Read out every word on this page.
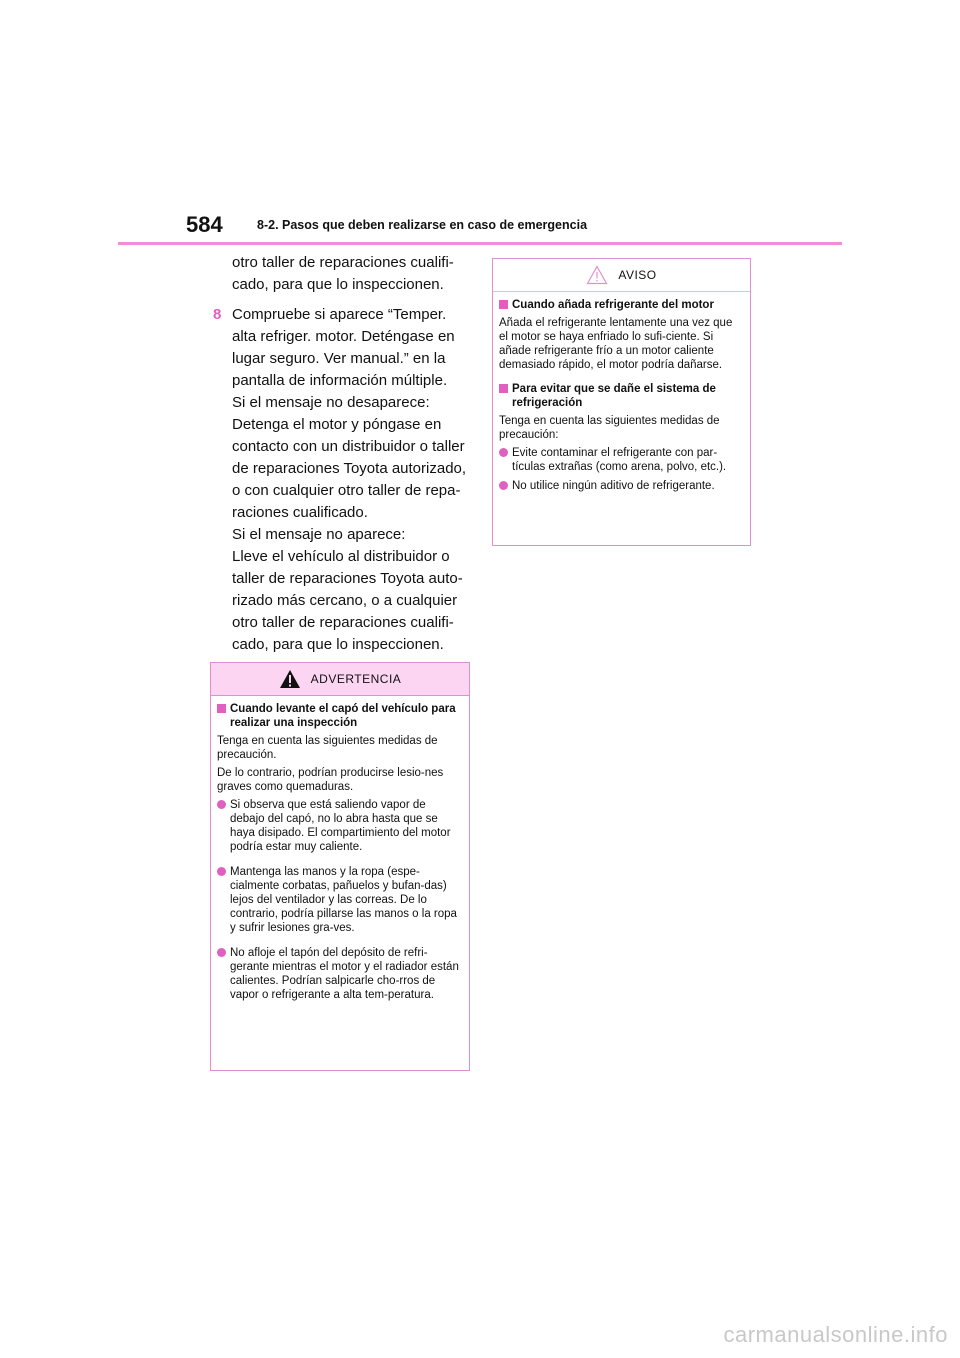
584	8-2. Pasos que deben realizarse en caso de emergencia
otro taller de reparaciones cualifi-
cado, para que lo inspeccionen.
8 Compruebe si aparece “Temper.
alta refriger. motor. Deténgase en
lugar seguro. Ver manual.” en la
pantalla de información múltiple.
Si el mensaje no desaparece:
Detenga el motor y póngase en
contacto con un distribuidor o taller
de reparaciones Toyota autorizado,
o con cualquier otro taller de repa-
raciones cualificado.
Si el mensaje no aparece:
Lleve el vehículo al distribuidor o
taller de reparaciones Toyota auto-
rizado más cercano, o a cualquier
otro taller de reparaciones cualifi-
cado, para que lo inspeccionen.
ADVERTENCIA
Cuando levante el capó del vehículo para realizar una inspección
Tenga en cuenta las siguientes medidas de precaución.
De lo contrario, podrían producirse lesio-nes graves como quemaduras.
Si observa que está saliendo vapor de debajo del capó, no lo abra hasta que se haya disipado. El compartimiento del motor podría estar muy caliente.
Mantenga las manos y la ropa (espe-cialmente corbatas, pañuelos y bufan-das) lejos del ventilador y las correas. De lo contrario, podría pillarse las manos o la ropa y sufrir lesiones gra-ves.
No afloje el tapón del depósito de refri-gerante mientras el motor y el radiador están calientes. Podrían salpicarle cho-rros de vapor o refrigerante a alta tem-peratura.
AVISO
Cuando añada refrigerante del motor
Añada el refrigerante lentamente una vez que el motor se haya enfriado lo sufi-ciente. Si añade refrigerante frío a un motor caliente demasiado rápido, el motor podría dañarse.
Para evitar que se dañe el sistema de refrigeración
Tenga en cuenta las siguientes medidas de precaución:
Evite contaminar el refrigerante con par-tículas extrañas (como arena, polvo, etc.).
No utilice ningún aditivo de refrigerante.
carmanualsonline.info
